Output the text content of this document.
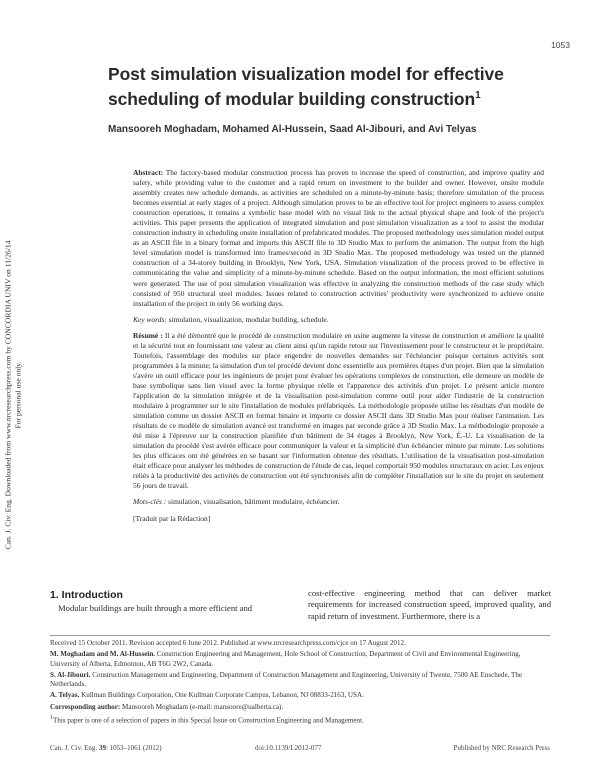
Can. J. Civ. Eng. Downloaded from www.nrcresearchpress.com by CONCORDIA UNIV on 11/26/14
For personal use only.
1053
Post simulation visualization model for effective scheduling of modular building construction$^1$
Mansooreh Moghadam, Mohamed Al-Hussein, Saad Al-Jibouri, and Avi Telyas

Abstract: The factory-based modular construction process has proven to increase the speed of construction, and improve quality and safety, while providing value to the customer and a rapid return on investment to the builder and owner. However, onsite module assembly creates new schedule demands, as activities are scheduled on a minute-by-minute basis; therefore simulation of the process becomes essential at early stages of a project. Although simulation proves to be an effective tool for project engineers to assess complex construction operations, it remains a symbolic base model with no visual link to the actual physical shape and look of the project's activities. This paper presents the application of integrated simulation and post simulation visualization as a tool to assist the modular construction industry in scheduling onsite installation of prefabricated modules. The proposed methodology uses simulation model output as an ASCII file in a binary format and imports this ASCII file to 3D Studio Max to perform the animation. The output from the high level simulation model is transformed into frames/second in 3D Studio Max. The proposed methodology was tested on the planned construction of a 34-storey building in Brooklyn, New York, USA. Simulation visualization of the process proved to be effective in communicating the value and simplicity of a minute-by-minute schedule. Based on the output information, the most efficient solutions were generated. The use of post simulation visualization was effective in analyzing the construction methods of the case study which consisted of 950 structural steel modules. Issues related to construction activities' productivity were synchronized to achieve onsite installation of the project in only 56 working days.

Key words: simulation, visualization, modular building, schedule.

Résumé : Il a été démontré que le procédé de construction modulaire en usine augmente la vitesse de construction et améliore la qualité et la sécurité tout en fournissant une valeur au client ainsi qu'un rapide retour sur l'investissement pour le constructeur et le propriétaire. Toutefois, l'assemblage des modules sur place engendre de nouvelles demandes sur l'échéancier puisque certaines activités sont programmées à la minute; la simulation d'un tel procédé devient donc essentielle aux premières étapes d'un projet. Bien que la simulation s'avère un outil efficace pour les ingénieurs de projet pour évaluer les opérations complexes de construction, elle demeure un modèle de base symbolique sans lien visuel avec la forme physique réelle et l'apparence des activités d'un projet. Le présent article montre l'application de la simulation intégrée et de la visualisation post-simulation comme outil pour aider l'industrie de la construction modulaire à programmer sur le site l'installation de modules préfabriqués. La méthodologie proposée utilise les résultats d'un modèle de simulation comme un dossier ASCII en format binaire et importe ce dossier ASCII dans 3D Studio Max pour réaliser l'animation. Les résultats de ce modèle de simulation avancé est transformé en images par seconde grâce à 3D Studio Max. La méthodologie proposée a été mise à l'épreuve sur la construction planifiée d'un bâtiment de 34 étages à Brooklyn, New York, É.-U. La visualisation de la simulation du procédé s'est avérée efficace pour communiquer la valeur et la simplicité d'un échéancier minute par minute. Les solutions les plus efficaces ont été générées en se basant sur l'information obtenue des résultats. L'utilisation de la visualisation post-simulation était efficace pour analyser les méthodes de construction de l'étude de cas, lequel comportait 950 modules structuraux en acier. Les enjeux reliés à la productivité des activités de construction ont été synchronisés afin de compléter l'installation sur le site du projet en seulement 56 jours de travail.

Mots-clés : simulation, visualisation, bâtiment modulaire, échéancier.

[Traduit par la Rédaction]

1. Introduction
Modular buildings are built through a more efficient and
cost-effective engineering method that can deliver market requirements for increased construction speed, improved quality, and rapid return of investment. Furthermore, there is a

Received 15 October 2011. Revision accepted 6 June 2012. Published at www.nrcresearchpress.com/cjce on 17 August 2012.

M. Moghadam and M. Al-Hussein. Construction Engineering and Management, Hole School of Construction, Department of Civil and Environmental Engineering, University of Alberta, Edmonton, AB T6G 2W2, Canada.

S. Al-Jibouri. Construction Management and Engineering, Department of Construction Management and Engineering, University of Twente, 7500 AE Enschede, The Netherlands.

A. Telyas. Kullman Buildings Corporation, One Kullman Corporate Campus, Lebanon, NJ 08833-2163, USA.

Corresponding author: Mansooreh Moghadam (e-mail: mansoore@ualberta.ca).

$^1$This paper is one of a selection of papers in this Special Issue on Construction Engineering and Management.

Can. J. Civ. Eng. 39: 1053–1061 (2012)	doi:10.1139/L2012-077	Published by NRC Research Press
